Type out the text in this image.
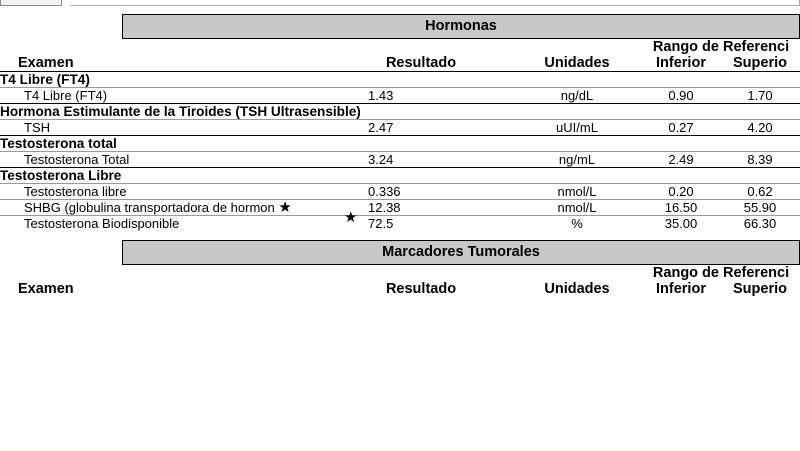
Hormonas
			Rango de Referenci	
Examen	Resultado	Unidades	Inferior	Superio
T4 Libre (FT4)				
T4 Libre (FT4)	1.43	ng/dL	0.90	1.70
Hormona Estimulante de la Tiroides (TSH Ultrasensible)				
TSH	2.47	uUI/mL	0.27	4.20
Testosterona total				
Testosterona Total	3.24	ng/mL	2.49	8.39
Testosterona Libre				
Testosterona libre	0.336	nmol/L	0.20	0.62
SHBG (globulina transportadora de hormon ★	12.38	nmol/L	16.50	55.90
Testosterona Biodisponible	★ 72.5	%	35.00	66.30
Marcadores Tumorales
			Rango de Referenci	
Examen	Resultado	Unidades	Inferior	Superio
